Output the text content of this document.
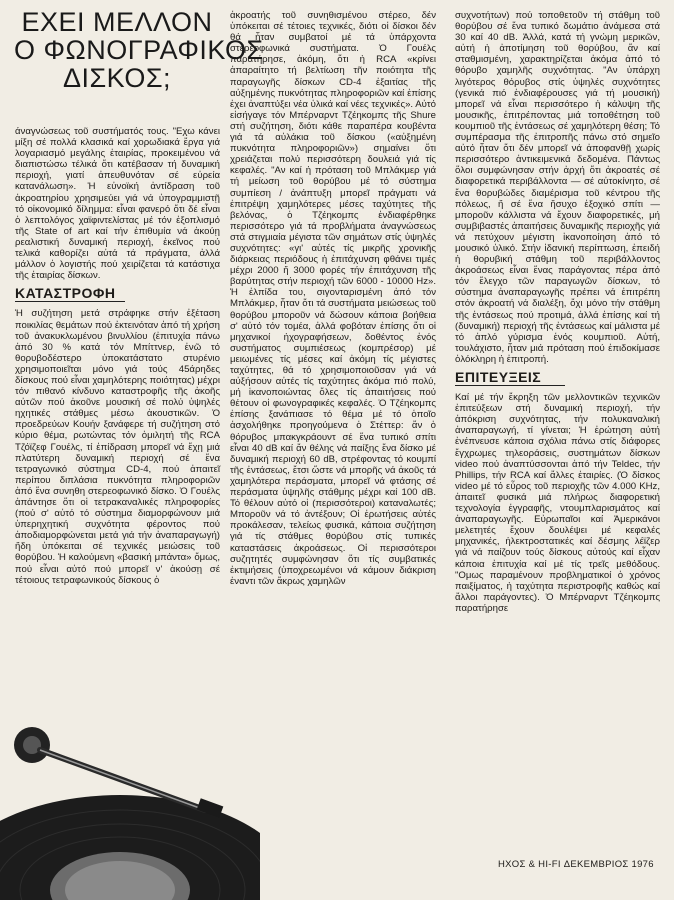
ΕΧΕΙ ΜΕΛΛΟΝ
Ο ΦΩΝΟΓΡΑΦΙΚΟΣ
ΔΙΣΚΟΣ;

άναγνώσεως τοῦ συστήματός τους. "Εχω κάνει μίξη σέ πολλά κλασικά καί χορωδιακά ἔργα γιά λογαριασμό μεγάλης ἑταιρίας, προκειμένου νά διαπιστώσω τέλικά ὅτι κατέβασαν τή δυναμική περιοχή, γιατί ἀπευθυνόταν σέ εὐρεία κατανάλωση». Ἡ εὐνοϊκή ἀντίδραση τοῦ ἀκροατηρίου χρησιμεύει γιά νά ὑπογραμμιστῇ τό οἰκονομικό δίλημμα: εἶναι φανερό ὅτι δέ εἶναι ὁ λεπτολόγος χαϊφιντελίστας μέ τόν ἐξοπλισμό τῆς State of art καί τήν ἐπιθυμία νά ἀκούῃ ρεαλιστική δυναμική περιοχή, ἐκεῖνος πού τελικά καθορίζει αὐτά τά πράγματα, ἀλλά μάλλον ὁ λογιστής πού χειρίζεται τά κατάστιχα τῆς ἑταιρίας δίσκων.

ΚΑΤΑΣΤΡΟΦΗ

Ἡ συζήτηση μετά στράφηκε στήν ἐξέταση ποικιλίας θεμάτων πού ἐκτεινόταν ἀπό τή χρήση τοῦ ἀνακυκλωμένου βινυλλίου (ἐπιτυχία πάνω ἀπό 30 % κατά τόν Μπίττνερ, ἐνῶ τό θορυβοδέστερο ὑποκατάστατο στυρένιο χρησιμοποιεῖται μόνο γιά τούς 45άρηδες δίσκους πού εἶναι χαμηλότερης ποιότητας) μέχρι τόν πιθανό κίνδυνο καταστροφῆς τῆς ἀκοῆς αὐτῶν πού ἀκοῦνε μουσική σέ πολύ ὑψηλές ηχητικές στάθμες μέσω ἀκουστικῶν. Ὁ προεδρεύων Κουήν ξανάφερε τή συζήτηση στό κύριο θέμα, ρωτώντας τόν ὁμιλητή τῆς RCA Τζόϊζεφ Γουέλς, τί ἐπίδραση μπορεῖ νά ἔχῃ μιά πλατύτερη δυναμική περιοχή σέ ἕνα τετραγωνικό σύστημα CD-4, πού ἀπαιτεῖ περίπου διπλάσια πυκνότητα πληροφοριῶν ἀπό ἕνα συνηθη στερεοφωνικό δίσκο. Ὁ Γουέλς ἀπάντησε ὅτι οἱ τετρακαναλικές πληροφορίες (πού σ' αὐτό τό σύστημα διαμορφώνουν μιά ὑπερηχητική συχνότητα φέροντος πού ἀποδιαμορφώνεται μετά γιά τήν ἀναπαραγωγή) ἤδη ὑπόκειται σέ τεχνικές μειώσεις τοῦ θορύβου. Ἡ καλούμενη «βασική μπάντα» ὅμως, πού εἶναι αὐτό πού μπορεῖ ν' ἀκούσῃ σέ τέτοιους τετραφωνικούς δίσκους ὁ

ἀκροατής τοῦ συνηθισμένου στέρεο, δέν ὑπόκειται σέ τέτοιες τεχνικές, διότι οἱ δίσκοι δέν θά ἦταν συμβατοί μέ τά ὑπάρχοντα στερεοφωνικά συστήματα. Ὁ Γουέλς παρατήρησε, ἀκόμη, ὅτι ἡ RCA «κρίνει ἀπαραίτητο τή βελτίωση τῆν ποιότητα τῆς παραγωγῆς δίσκων CD-4 ἐξαιτίας τῆς αὐξημένης πυκνότητας πληροφοριῶν καί ἐπίσης ἐχει ἀναπτύξει νέα ὑλικά καί νέες τεχνικές». Αὐτό εἰσήγαγε τόν Μπέρναρντ Τζέηκομπς τῆς Shure στή συζήτηση, διότι κάθε παραπέρα κουβέντα γιά τά αὐλάκια τοῦ δίσκου («αὐξημένη πυκνότητα πληροφοριῶν») σημαίνει ὅτι χρειάζεται πολύ περισσότερη δουλειά γιά τίς κεφαλές. "Αν καί ἡ πρόταση τοῦ Μπλάκμερ γιά τή μείωση τοῦ θορύβου μέ τό σύστημα συμπίεση / ἀνάπτυξη μπορεῖ πράγματι νά ἐπιτρέψη χαμηλότερες μέσες ταχύτητες τῆς βελόνας, ὁ Τζέηκομπς ἐνδιαφέρθηκε περισσότερο γιά τά προβλήματα ἀναγνώσεως στά στιγμιαία μέγιστα τῶν σημάτων στίς ὑψηλές συχνότητες: «γι' αὐτές τίς μικρῆς χρονικῆς διάρκειας περιόδους ἡ ἐπιτάχυνση φθάνει τιμές μέχρι 2000 ἤ 3000 φορές τήν ἐπιτάχυνση τῆς βαρύτητας στήν περιοχή τῶν 6000 - 10000 Hz». Ἡ ἐλπίδα του, σιγονταρισμένη ἀπό τόν Μπλάκμερ, ἦταν ὅτι τά συστήματα μειώσεως τοῦ θορύβου μποροῦν νά δώσουν κάποια βοήθεια σ' αὐτό τόν τομέα, ἀλλά φοβόταν ἐπίσης ὅτι οἱ μηχανικοί ἠχογραφήσεων, δοθέντος ἑνός συστήματος συμπιέσεως (κομπρέσορ) μέ μειωμένες τίς μέσες καί ἀκόμη τίς μέγιστες ταχύτητες, θά τό χρησιμοποιοῦσαν γιά νά αὐξήσουν αὐτές τίς ταχύτητες ἀκόμα πιό πολύ, μή ἱκανοποιώντας ὅλες τίς ἀπαιτήσεις πού θέτουν οἱ φωνογραφικές κεφαλές. Ὁ Τζέηκομπς ἐπίσης ξανάπιασε τό θέμα μέ τό ὁποῖο ἀσχολήθηκε προηγούμενα ὁ Στέττερ: ἄν ὁ θόρυβος μπακγκράουντ σέ ἕνα τυπικό σπίτι εἶναι 40 dB καί ἄν θέλης νά παίξης ἕνα δίσκο μέ δυναμική περιοχή 60 dB, στρέφοντας τό κουμπί τῆς ἐντάσεως, ἔτσι ὥστε νά μπορῆς νά ἀκοῦς τά χαμηλότερα περάσματα, μπορεῖ νά φτάσης σέ περάσματα ὑψηλῆς στάθμης μέχρι καί 100 dB. Τό θέλουν αὐτό οἱ (περισσότεροι) καταναλωτές; Μποροῦν νά τό ἀντέξουν; Οἱ ἐρωτήσεις αὐτές προκάλεσαν, τελείως φυσικά, κάποια συζήτηση γιά τίς στάθμες θορύβου στίς τυπικές καταστάσεις ἀκροάσεως. Οἱ περισσότεροι συζητητές συμφώνησαν ὅτι τίς συμβατικές ἐκτιμήσεις (ὑποχρεωμένοι νά κάμουν διάκριση ἐναντι τῶν ἄκρως χαμηλῶν

συχνοτήτων) πού τοποθετοῦν τή στάθμη τοῦ θορύβου σέ ἕνα τυπικό δωμάτιο ἀνάμεσα στά 30 καί 40 dB. Ἀλλά, κατά τή γνώμη μερικῶν, αὐτή ἡ ἀποτίμηση τοῦ θορύβου, ἄν καί σταθμισμένη, χαρακτηρίζεται ἀκόμα ἀπό τό θόρυβο χαμηλῆς συχνότητας. "Αν ὑπάρχη λιγότερος θόρυβος στίς ὑψηλές συχνότητες (γενικά πιό ἐνδιαφέρουσες γιά τή μουσική) μπορεῖ νά εἶναι περισσότερο ἡ κάλυψη τῆς μουσικῆς, ἐπιτρέποντας μιά τοποθέτηση τοῦ κουμπιοῦ τῆς ἐντάσεως σέ χαμηλότερη θέση; Τό συμπέρασμα τῆς ἐπιτροπῆς πάνω στό σημεῖο αὐτό ἦταν ὅτι δέν μπορεῖ νά ἀποφανθῇ χωρίς περισσότερο ἀντικειμενικά δεδομένα. Πάντως ὅλοι συμφώνησαν στήν ἀρχή ὅτι ἀκροατές σέ διαφορετικά περιβάλλοντα — σέ αὐτοκίνητο, σέ ἕνα θορυβώδες διαμέρισμα τοῦ κέντρου τῆς πόλεως, ἤ σέ ἕνα ἥσυχο ἐξοχικό σπίτι — μποροῦν κάλλιστα νά ἔχουν διαφορετικές, μή συμβιβαστές ἀπαιτήσεις δυναμικῆς περιοχῆς γιά νά πετύχουν μέγιστη ἱκανοποίηση ἀπό τό μουσικό ὑλικό. Στήν ἰδανική περίπτωση, ἐπειδή ἡ θορυβική στάθμη τοῦ περιβάλλοντος ἀκροάσεως εἶναι ἕνας παράγοντας πέρα ἀπό τόν ἔλεγχο τῶν παραγωγῶν δίσκων, τό σύστημα ἀναπαραγωγῆς πρέπει νά ἐπιτρέπη στόν ἀκροατή νά διαλέξη, ὄχι μόνο τήν στάθμη τῆς ἐντάσεως πού προτιμά, ἀλλά ἐπίσης καί τή (δυναμική) περιοχή τῆς ἐντάσεως καί μάλιστα μέ τό ἀπλό γύρισμα ἑνός κουμπιοῦ. Αὐτή, τουλάχιστο, ἦταν μιά πρόταση πού ἐπιδοκίμασε ὁλόκληρη ἡ ἐπιτροπή.

ΕΠΙΤΕΥΞΕΙΣ

Καί μέ τήν ἔκρηξη τῶν μελλοντικῶν τεχνικῶν ἐπιτεύξεων στή δυναμική περιοχή, τήν ἀπόκριση συχνότητας, τήν πολυκαναλική ἀναπαραγωγή, τί γίνεται; Ἡ ἐρώτηση αὐτή ἐνέπνευσε κάποια σχόλια πάνω στίς διάφορες ἔγχρωμες τηλεοράσεις, συστημάτων δίσκων video πού ἀναπτύσσονται ἀπό τήν Teldec, τήν Phillips, τήν RCA καί ἄλλες ἑταιρίες. (Ὁ δίσκος video μέ τό εὖρος τοῦ περιοχῆς τῶν 4.000 KHz, ἀπαιτεῖ φυσικά μιά πλήρως διαφορετική τεχνολογία ἐγγραφῆς, ντουμπλαρισμάτος καί ἀναπαραγωγῆς. Εὐρωπαῖοι καί Ἀμερικάνοι μελετητές ἔχουν δουλέψει μέ κεφαλές μηχανικές, ἠλεκτροστατικές καί δέσμης λέϊζερ γιά νά παίζουν τούς δίσκους αὐτούς καί εἶχαν κάποια ἐπιτυχία καί μέ τίς τρεῖς μεθόδους. "Ομως παραμένουν προβληματικοί ὁ χρόνος παιξίματος, ἡ ταχύτητα περιστροφῆς καθώς καί ἄλλοι παράγοντες). Ὁ Μπέρναρντ Τζέηκομπς παρατήρησε

ΗΧΟΣ & HI-FI ΔΕΚΕΜΒΡΙΟΣ 1976
